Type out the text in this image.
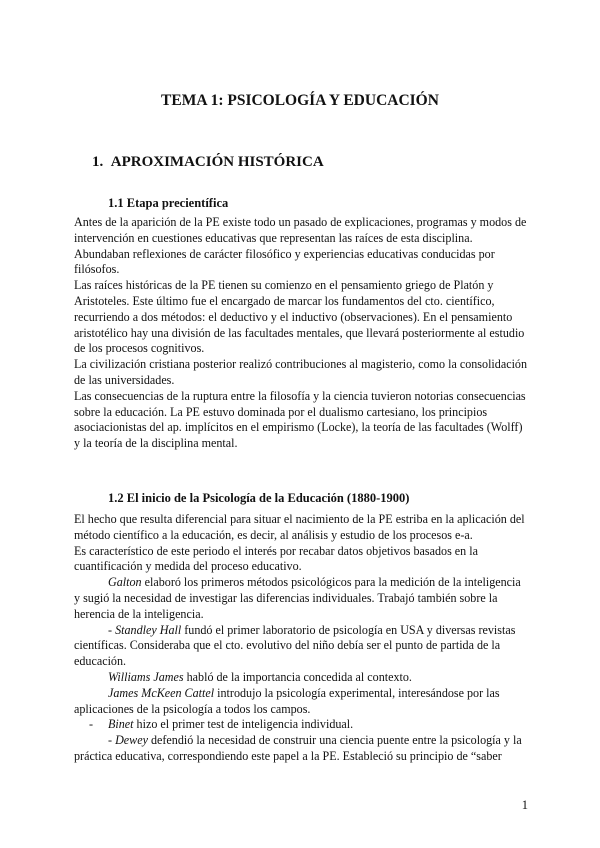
TEMA 1: PSICOLOGÍA Y EDUCACIÓN
1. APROXIMACIÓN HISTÓRICA
1.1 Etapa precientífica
Antes de la aparición de la PE existe todo un pasado de explicaciones, programas y modos de
intervención en cuestiones educativas que representan las raíces de esta disciplina.
Abundaban reflexiones de carácter filosófico y experiencias educativas conducidas por
filósofos.
Las raíces históricas de la PE tienen su comienzo en el pensamiento griego de Platón y
Aristoteles. Este último fue el encargado de marcar los fundamentos del cto. científico,
recurriendo a dos métodos: el deductivo y el inductivo (observaciones). En el pensamiento
aristotélico hay una división de las facultades mentales, que llevará posteriormente al estudio
de los procesos cognitivos.
La civilización cristiana posterior realizó contribuciones al magisterio, como la consolidación
de las universidades.
Las consecuencias de la ruptura entre la filosofía y la ciencia tuvieron notorias consecuencias
sobre la educación. La PE estuvo dominada por el dualismo cartesiano, los principios
asociacionistas del ap. implícitos en el empirismo (Locke), la teoría de las facultades (Wolff)
y la teoría de la disciplina mental.
1.2 El inicio de la Psicología de la Educación (1880-1900)
El hecho que resulta diferencial para situar el nacimiento de la PE estriba en la aplicación del
método científico a la educación, es decir, al análisis y estudio de los procesos e-a.
Es característico de este periodo el interés por recabar datos objetivos basados en la
cuantificación y medida del proceso educativo.
Galton elaboró los primeros métodos psicológicos para la medición de la inteligencia
y sugió la necesidad de investigar las diferencias individuales. Trabajó también sobre la
herencia de la inteligencia.
- Standley Hall fundó el primer laboratorio de psicología en USA y diversas revistas
científicas. Consideraba que el cto. evolutivo del niño debía ser el punto de partida de la
educación.
Williams James habló de la importancia concedida al contexto.
James McKeen Cattel introdujo la psicología experimental, interesándose por las
aplicaciones de la psicología a todos los campos.
- Binet hizo el primer test de inteligencia individual.
- Dewey defendió la necesidad de construir una ciencia puente entre la psicología y la
práctica educativa, correspondiendo este papel a la PE. Estableció su principio de “saber
1
